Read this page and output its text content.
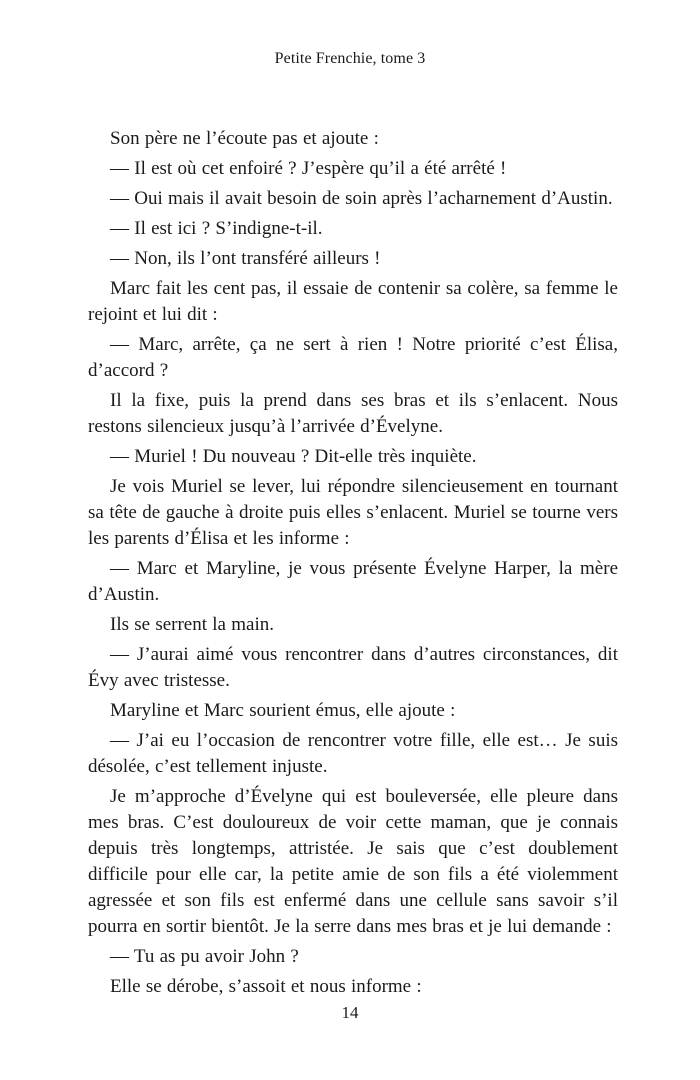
Petite Frenchie, tome 3

Son père ne l’écoute pas et ajoute :

— Il est où cet enfoiré ? J’espère qu’il a été arrêté !

— Oui mais il avait besoin de soin après l’acharnement d’Austin.

— Il est ici ? S’indigne-t-il.

— Non, ils l’ont transféré ailleurs !

Marc fait les cent pas, il essaie de contenir sa colère, sa femme le rejoint et lui dit :

— Marc, arrête, ça ne sert à rien ! Notre priorité c’est Élisa, d’accord ?

Il la fixe, puis la prend dans ses bras et ils s’enlacent. Nous restons silencieux jusqu’à l’arrivée d’Évelyne.

— Muriel ! Du nouveau ? Dit-elle très inquiète.

Je vois Muriel se lever, lui répondre silencieusement en tournant sa tête de gauche à droite puis elles s’enlacent. Muriel se tourne vers les parents d’Élisa et les informe :

— Marc et Maryline, je vous présente Évelyne Harper, la mère d’Austin.

Ils se serrent la main.

— J’aurai aimé vous rencontrer dans d’autres circonstances, dit Évy avec tristesse.

Maryline et Marc sourient émus, elle ajoute :

— J’ai eu l’occasion de rencontrer votre fille, elle est… Je suis désolée, c’est tellement injuste.

Je m’approche d’Évelyne qui est bouleversée, elle pleure dans mes bras. C’est douloureux de voir cette maman, que je connais depuis très longtemps, attristée. Je sais que c’est doublement difficile pour elle car, la petite amie de son fils a été violemment agressée et son fils est enfermé dans une cellule sans savoir s’il pourra en sortir bientôt. Je la serre dans mes bras et je lui demande :

— Tu as pu avoir John ?

Elle se dérobe, s’assoit et nous informe :

14
